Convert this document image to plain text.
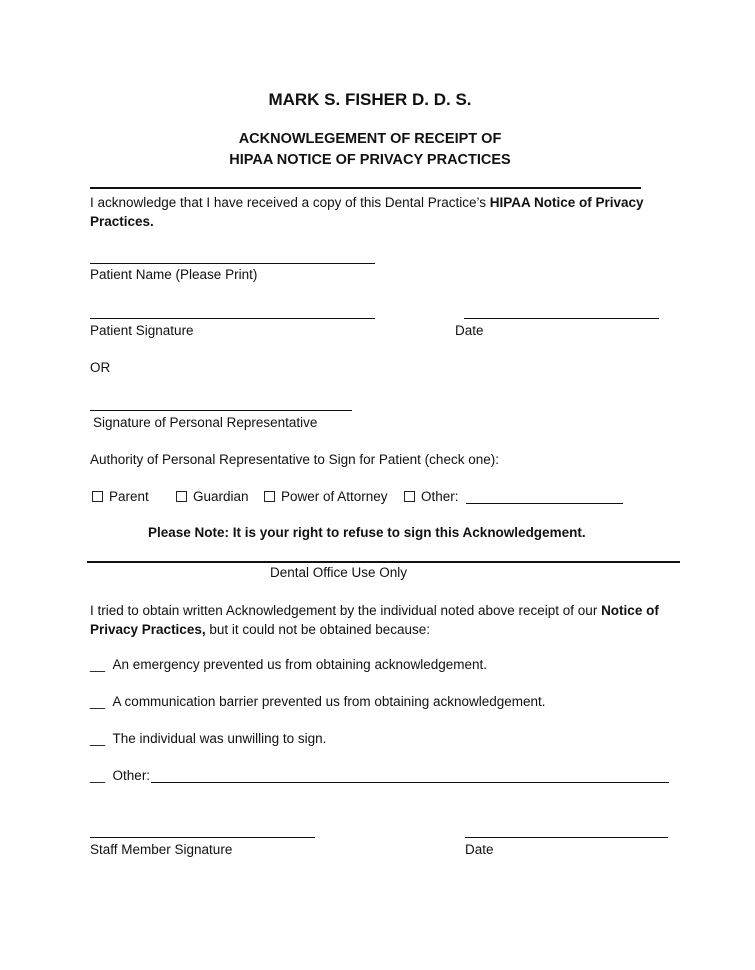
MARK S. FISHER D. D. S.
ACKNOWLEGEMENT OF RECEIPT OF
HIPAA NOTICE OF PRIVACY PRACTICES
I acknowledge that I have received a copy of this Dental Practice’s HIPAA Notice of Privacy Practices.
Patient Name (Please Print)
Patient Signature	Date
OR
Signature of Personal Representative
Authority of Personal Representative to Sign for Patient (check one):
Parent	Guardian	Power of Attorney	Other:
Please Note: It is your right to refuse to sign this Acknowledgement.
Dental Office Use Only
I tried to obtain written Acknowledgement by the individual noted above receipt of our Notice of Privacy Practices, but it could not be obtained because:
__ An emergency prevented us from obtaining acknowledgement.
__ A communication barrier prevented us from obtaining acknowledgement.
__ The individual was unwilling to sign.
__ Other:
Staff Member Signature	Date
